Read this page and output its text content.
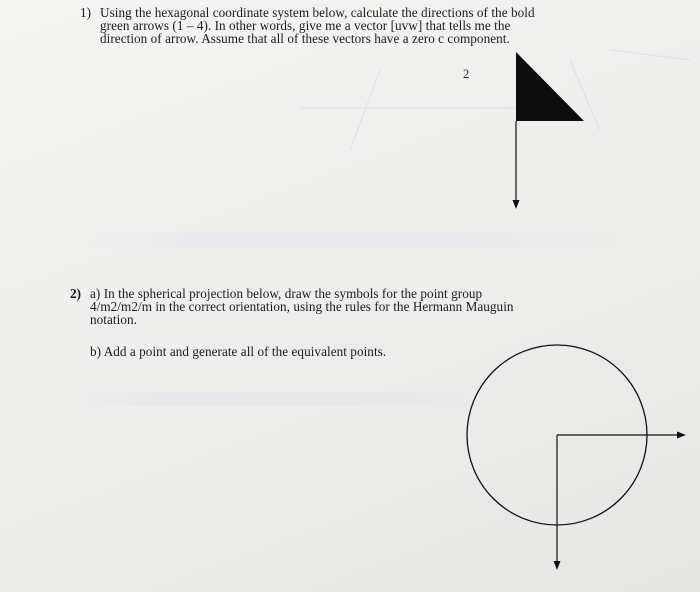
1) Using the hexagonal coordinate system below, calculate the directions of the bold
green arrows (1 – 4). In other words, give me a vector [uvw] that tells me the
direction of arrow. Assume that all of these vectors have a zero c component.
2
2) a) In the spherical projection below, draw the symbols for the point group
4/m2/m2/m in the correct orientation, using the rules for the Hermann Mauguin
notation.
b) Add a point and generate all of the equivalent points.
